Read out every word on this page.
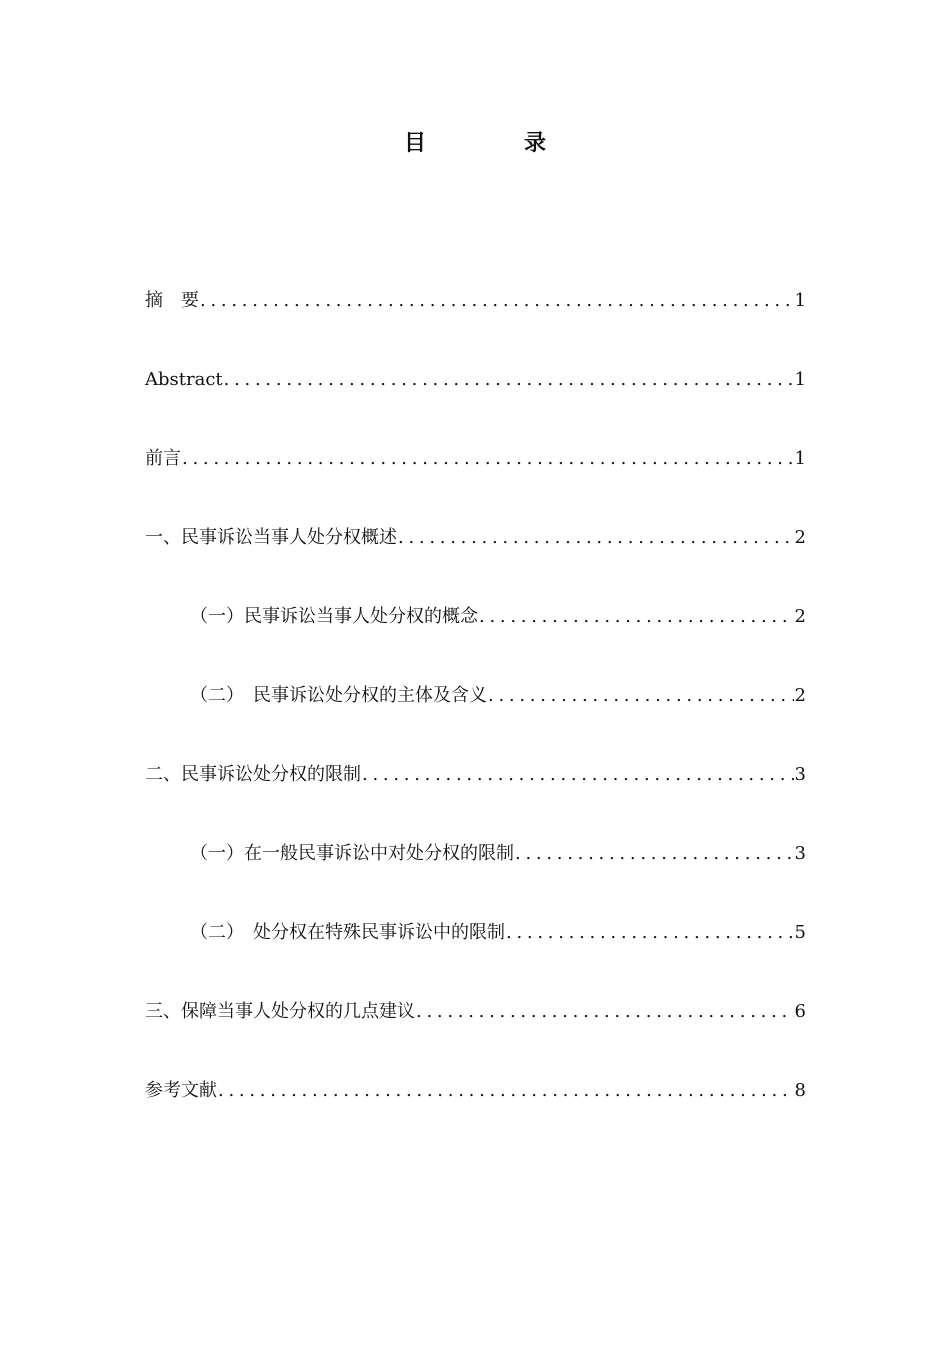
目　录
摘　要 . . .	1
Abstract . . .	1
前言 . . .	1
一、民事诉讼当事人处分权概述 . . .	2
（一）民事诉讼当事人处分权的概念 . . .	2
（二）　民事诉讼处分权的主体及含义 . . .	2
二、民事诉讼处分权的限制 . . .	3
（一）在一般民事诉讼中对处分权的限制 . . .	3
（二）　处分权在特殊民事诉讼中的限制 . . .	5
三、保障当事人处分权的几点建议 . . .	6
参考文献 . . .	8
